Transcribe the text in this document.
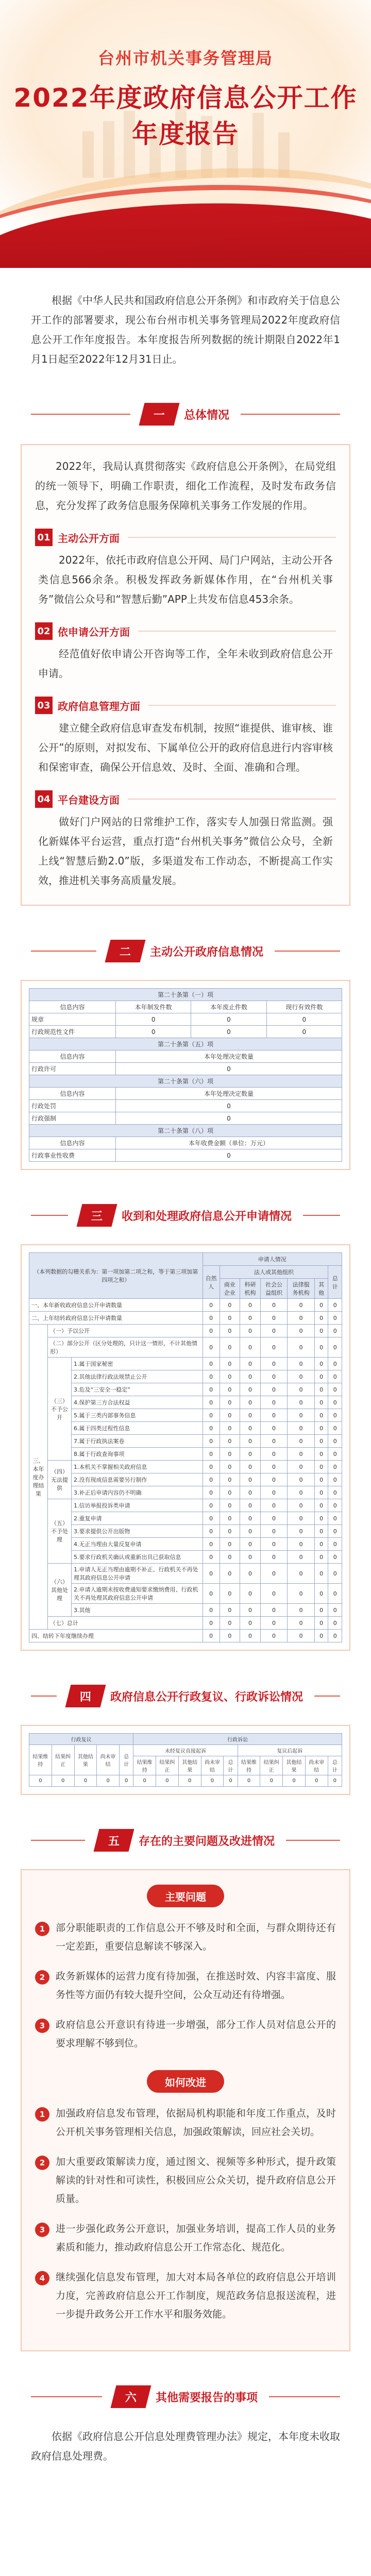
台州市机关事务管理局
2022年度政府信息公开工作
年度报告

根据《中华人民共和国政府信息公开条例》和市政府关于信息公开工作的部署要求，现公布台州市机关事务管理局2022年度政府信息公开工作年度报告。本年度报告所列数据的统计期限自2022年1月1日起至2022年12月31日止。

一 总体情况

2022年，我局认真贯彻落实《政府信息公开条例》，在局党组的统一领导下，明确工作职责，细化工作流程，及时发布政务信息，充分发挥了政务信息服务保障机关事务工作发展的作用。

01 主动公开方面

2022年，依托市政府信息公开网、局门户网站，主动公开各类信息566余条。积极发挥政务新媒体作用，在“台州机关事务”微信公众号和“智慧后勤”APP上共发布信息453余条。

02 依申请公开方面

经范值好依申请公开咨询等工作，全年未收到政府信息公开申请。

03 政府信息管理方面

建立健全政府信息审查发布机制，按照“谁提供、谁审核、谁公开”的原则，对拟发布、下属单位公开的政府信息进行内容审核和保密审查，确保公开信息效、及时、全面、准确和合理。

04 平台建设方面

做好门户网站的日常维护工作，落实专人加强日常监测。强化新媒体平台运营，重点打造“台州机关事务”微信公众号，全新上线“智慧后勤2.0”版，多渠道发布工作动态，不断提高工作实效，推进机关事务高质量发展。

二 主动公开政府信息情况
第二十条第（一）项			
信息内容	本年制发件数	本年废止件数	现行有效件数
规章	0	0	0
行政规范性文件	0	0	0
第二十条第（五）项			
信息内容	本年处理决定数量		
行政许可	0		
第二十条第（六）项			
信息内容	本年处理决定数量		
行政处罚	0		
行政强制	0		
第二十条第（八）项			
信息内容	本年收费金额（单位：万元）		
行政事业性收费	0		
三 收到和处理政府信息公开申请情况
（本列数据的勾稽关系为：第一项加第二项之和，等于第三项加第四项之和）			申请人情况						
			自然人	法人或其他组织					总计
				商业企业	科研机构	社会公益组织	法律服务机构	其他	
一、本年新收政府信息公开申请数量			0	0	0	0	0	0	0
二、上年结转政府信息公开申请数量			0	0	0	0	0	0	0
三、本年度办理结果	（一）予以公开		0	0	0	0	0	0	0
	（二）部分公开（区分处理的，只计这一情形，不计其他情形）		0	0	0	0	0	0	0
	（三）不予公开	1.属于国家秘密	0	0	0	0	0	0	0
		2.其他法律行政法规禁止公开	0	0	0	0	0	0	0
		3.危及“三安全一稳定”	0	0	0	0	0	0	0
		4.保护第三方合法权益	0	0	0	0	0	0	0
		5.属于三类内部事务信息	0	0	0	0	0	0	0
		6.属于四类过程性信息	0	0	0	0	0	0	0
		7.属于行政执法案卷	0	0	0	0	0	0	0
		8.属于行政查询事项	0	0	0	0	0	0	0
	（四）无法提供	1.本机关不掌握相关政府信息	0	0	0	0	0	0	0
		2.没有现成信息需要另行制作	0	0	0	0	0	0	0
		3.补正后申请内容仍不明确	0	0	0	0	0	0	0
	（五）不予处理	1.信访举报投诉类申请	0	0	0	0	0	0	0
		2.重复申请	0	0	0	0	0	0	0
		3.要求提供公开出版物	0	0	0	0	0	0	0
		4.无正当理由大量反复申请	0	0	0	0	0	0	0
		5.要求行政机关确认或重新出具已获取信息	0	0	0	0	0	0	0
	（六）其他处理	1.申请人无正当理由逾期不补正、行政机关不再处理其政府信息公开申请	0	0	0	0	0	0	0
		2.申请人逾期未按收费通知要求缴纳费用、行政机关不再处理其政府信息公开申请	0	0	0	0	0	0	0
		3.其他	0	0	0	0	0	0	0
	（七）总计		0	0	0	0	0	0	0
四、结转下年度继续办理			0	0	0	0	0	0	0
四 政府信息公开行政复议、行政诉讼情况
行政复议					行政诉讼									
结果维持	结果纠正	其他结果	尚未审结	总计	未经复议直接起诉					复议后起诉				
					结果维持	结果纠正	其他结果	尚未审结	总计	结果维持	结果纠正	其他结果	尚未审结	总计
0	0	0	0	0	0	0	0	0	0	0	0	0	0	0
五 存在的主要问题及改进情况
主要问题
1	部分职能职责的工作信息公开不够及时和全面，与群众期待还有一定差距，重要信息解读不够深入。
2	政务新媒体的运营力度有待加强，在推送时效、内容丰富度、服务性等方面仍有较大提升空间，公众互动还有待增强。
3	政府信息公开意识有待进一步增强，部分工作人员对信息公开的要求理解不够到位。
如何改进
1	加强政府信息发布管理，依据局机构职能和年度工作重点，及时公开机关事务管理相关信息，加强政策解读，回应社会关切。
2	加大重要政策解读力度，通过图文、视频等多种形式，提升政策解读的针对性和可读性，积极回应公众关切，提升政府信息公开质量。
3	进一步强化政务公开意识，加强业务培训，提高工作人员的业务素质和能力，推动政府信息公开工作常态化、规范化。
4	继续强化信息发布管理，加大对本局各单位的政府信息公开培训力度，完善政府信息公开工作制度，规范政务信息报送流程，进一步提升政务公开工作水平和服务效能。
六 其他需要报告的事项

依据《政府信息公开信息处理费管理办法》规定，本年度未收取政府信息处理费。
